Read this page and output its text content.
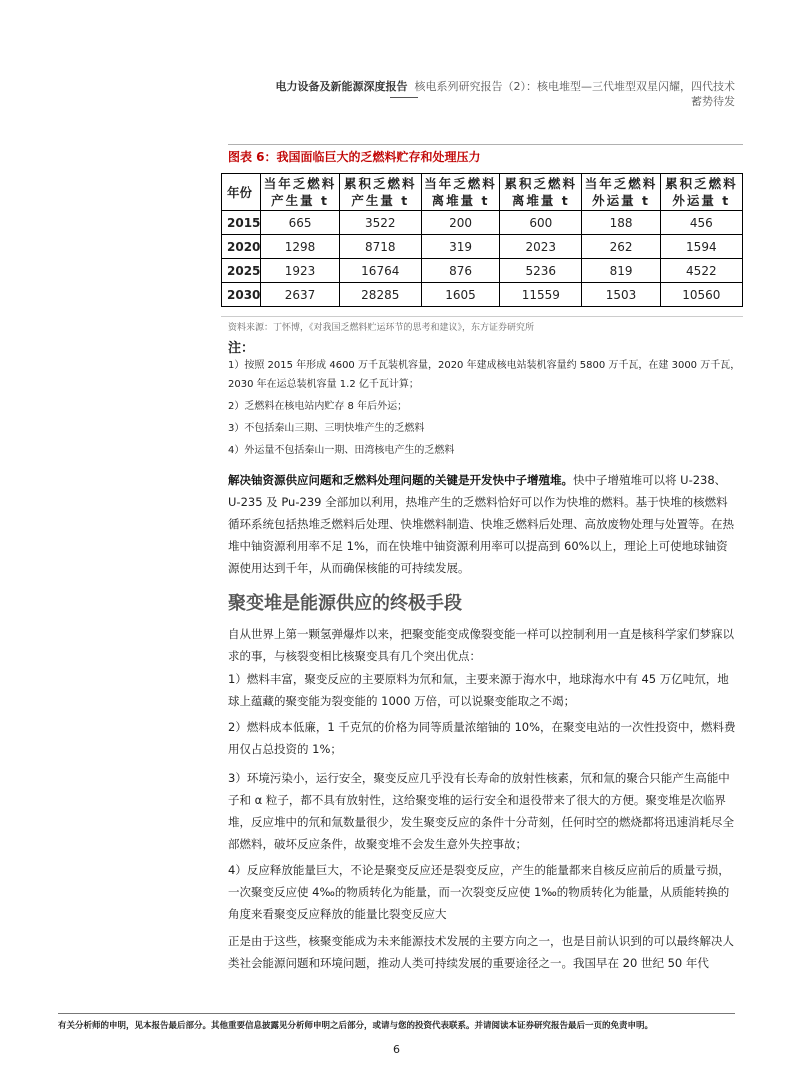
电力设备及新能源深度报告 核电系列研究报告（2）：核电堆型—三代堆型双星闪耀，四代技术
蓄势待发
图表 6：我国面临巨大的乏燃料贮存和处理压力
年份	当年乏燃料产生量 t	累积乏燃料产生量 t	当年乏燃料离堆量 t	累积乏燃料离堆量 t	当年乏燃料外运量 t	累积乏燃料外运量 t
2015	665	3522	200	600	188	456
2020	1298	8718	319	2023	262	1594
2025	1923	16764	876	5236	819	4522
2030	2637	28285	1605	11559	1503	10560
资料来源：丁怀博，《对我国乏燃料贮运环节的思考和建议》，东方证券研究所
注：

1）按照 2015 年形成 4600 万千瓦装机容量，2020 年建成核电站装机容量约 5800 万千瓦，在建 3000 万千瓦，2030 年在运总装机容量 1.2 亿千瓦计算；

2）乏燃料在核电站内贮存 8 年后外运；

3）不包括秦山三期、三明快堆产生的乏燃料

4）外运量不包括秦山一期、田湾核电产生的乏燃料

解决铀资源供应问题和乏燃料处理问题的关键是开发快中子增殖堆。快中子增殖堆可以将 U-238、U-235 及 Pu-239 全部加以利用，热堆产生的乏燃料恰好可以作为快堆的燃料。基于快堆的核燃料循环系统包括热堆乏燃料后处理、快堆燃料制造、快堆乏燃料后处理、高放废物处理与处置等。在热堆中铀资源利用率不足 1%，而在快堆中铀资源利用率可以提高到 60%以上，理论上可使地球铀资源使用达到千年，从而确保核能的可持续发展。

聚变堆是能源供应的终极手段

自从世界上第一颗氢弹爆炸以来，把聚变能变成像裂变能一样可以控制利用一直是核科学家们梦寐以求的事，与核裂变相比核聚变具有几个突出优点：

1）燃料丰富，聚变反应的主要原料为氘和氚，主要来源于海水中，地球海水中有 45 万亿吨氘，地球上蕴藏的聚变能为裂变能的 1000 万倍，可以说聚变能取之不竭；

2）燃料成本低廉，1 千克氘的价格为同等质量浓缩铀的 10%，在聚变电站的一次性投资中，燃料费用仅占总投资的 1%；

3）环境污染小，运行安全，聚变反应几乎没有长寿命的放射性核素，氘和氚的聚合只能产生高能中子和 α 粒子，都不具有放射性，这给聚变堆的运行安全和退役带来了很大的方便。聚变堆是次临界堆，反应堆中的氘和氚数量很少，发生聚变反应的条件十分苛刻，任何时空的燃烧都将迅速消耗尽全部燃料，破坏反应条件，故聚变堆不会发生意外失控事故；

4）反应释放能量巨大，不论是聚变反应还是裂变反应，产生的能量都来自核反应前后的质量亏损，一次聚变反应使 4‰的物质转化为能量，而一次裂变反应使 1‰的物质转化为能量，从质能转换的角度来看聚变反应释放的能量比裂变反应大

正是由于这些，核聚变能成为未来能源技术发展的主要方向之一，也是目前认识到的可以最终解决人类社会能源问题和环境问题，推动人类可持续发展的重要途径之一。我国早在 20 世纪 50 年代

有关分析师的申明，见本报告最后部分。其他重要信息披露见分析师申明之后部分，或请与您的投资代表联系。并请阅读本证券研究报告最后一页的免责申明。
6
